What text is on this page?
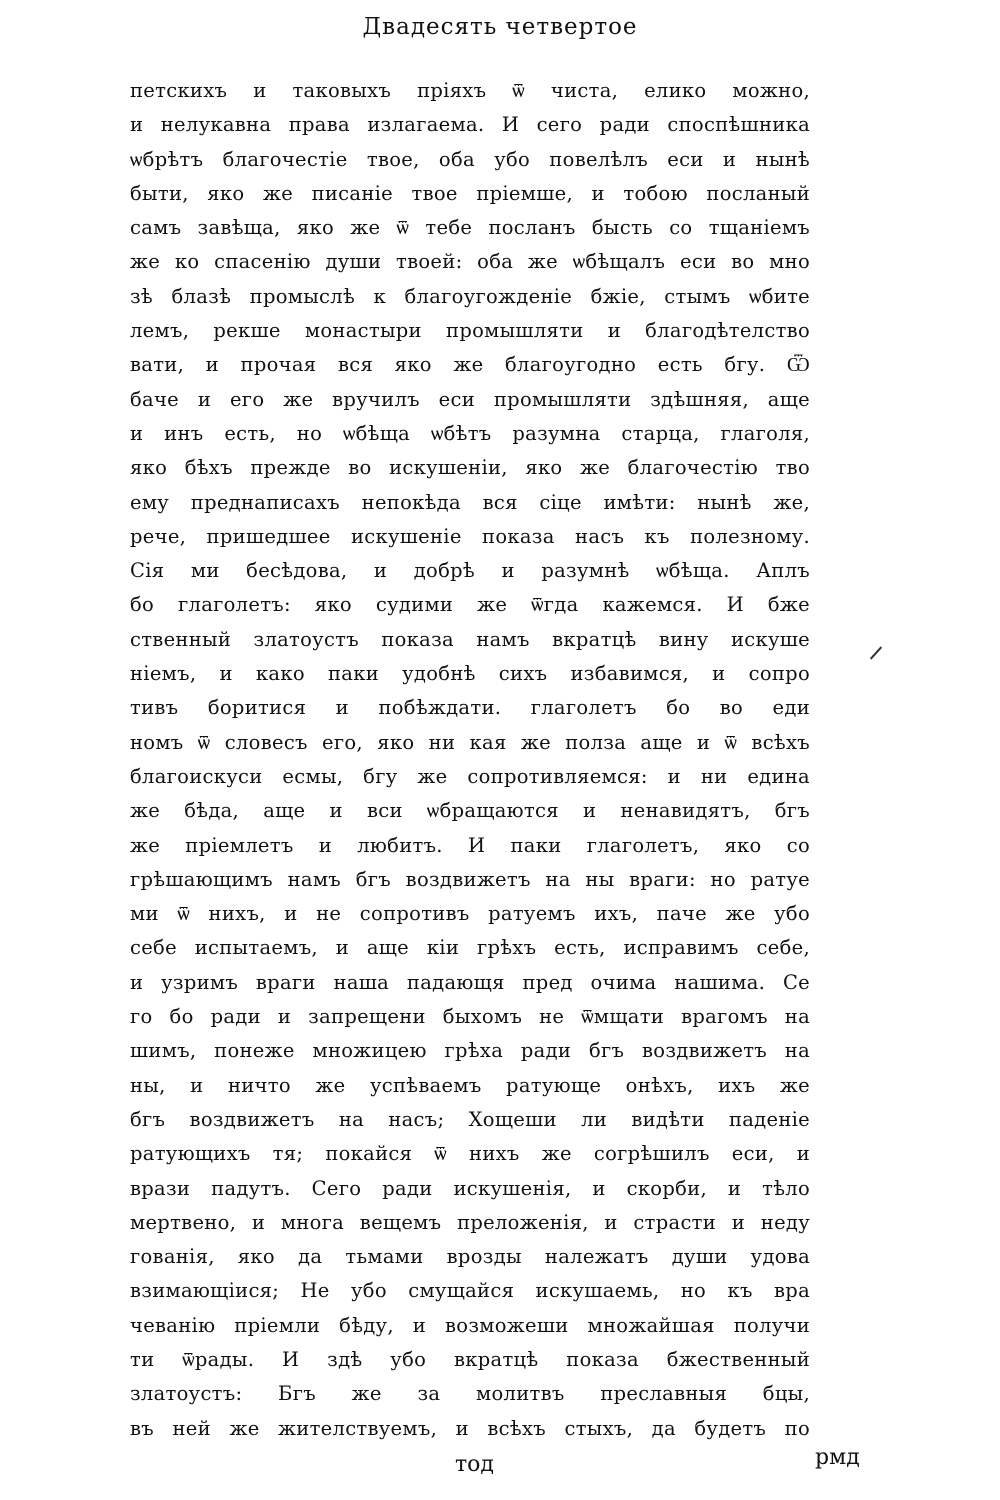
Двадесять четвертое
петскихъ и таковыхъ прiяхъ ѿ чиста, елико можно,
и нелукавна права излагаема. И сего ради споспѣшника
ѡбрѣтъ благочестiе твое, оба убо повелѣлъ еси и нынѣ
быти, яко же писанiе твое прiемше, и тобою посланый
самъ завѣща, яко же ѿ тебе посланъ бысть со тщанiемъ
же ко спасенiю души твоей: оба же ѡбѣщалъ еси во мно
зѣ блазѣ промыслѣ к благоугожденiе бжiе, стымъ ѡбите
лемъ, рекше монастыри промышляти и благодѣтелство
вати, и прочая вся яко же благоугодно есть бгу. Ѿ
баче и его же вручилъ еси промышляти здѣшняя, аще
и инъ есть, но ѡбѣща ѡбѣтъ разумна старца, глаголя,
яко бѣхъ прежде во искушенiи, яко же благочестiю тво
ему преднаписахъ непокѣда вся сiце имѣти: нынѣ же,
рече, пришедшее искушенiе показа насъ къ полезному.
Сiя ми бесѣдова, и добрѣ и разумнѣ ѡбѣща. Аплъ
бо глаголетъ: яко судими же ѿгда кажемся. И бже
ственный златоустъ показа намъ вкратцѣ вину искуше
нiемъ, и како паки удобнѣ сихъ избавимся, и сопро
тивъ боритися и побѣждати. глаголетъ бо во еди
номъ ѿ словесъ его, яко ни кая же полза аще и ѿ всѣхъ
благоискуси есмы, бгу же сопротивляемся: и ни едина
же бѣда, аще и вси ѡбращаются и ненавидятъ, бгъ
же прiемлетъ и любитъ. И паки глаголетъ, яко со
грѣшающимъ намъ бгъ воздвижетъ на ны враги: но ратуе
ми ѿ нихъ, и не сопротивъ ратуемъ ихъ, паче же убо
себе испытаемъ, и аще кiи грѣхъ есть, исправимъ себе,
и узримъ враги наша падающя пред очима нашима. Се
го бо ради и запрещени быхомъ не ѿмщати врагомъ на
шимъ, понеже множицею грѣха ради бгъ воздвижетъ на
ны, и ничто же успѣваемъ ратующе онѣхъ, ихъ же
бгъ воздвижетъ на насъ; Хощеши ли видѣти паденiе
ратующихъ тя; покайся ѿ нихъ же согрѣшилъ еси, и
врази падутъ. Сего ради искушенiя, и скорби, и тѣло
мертвено, и многа вещемъ преложенiя, и страсти и неду
гованiя, яко да тьмами врозды належатъ души удова
взимающiися; Не убо смущайся искушаемь, но къ вра
чеванiю прiемли бѣду, и возможеши множайшая получи
ти ѿрады. И здѣ убо вкратцѣ показа бжественный
златоустъ: Бгъ же за молитвъ преславныя бцы,
въ ней же жителствуемъ, и всѣхъ стыхъ, да будетъ по
тод	рмд
